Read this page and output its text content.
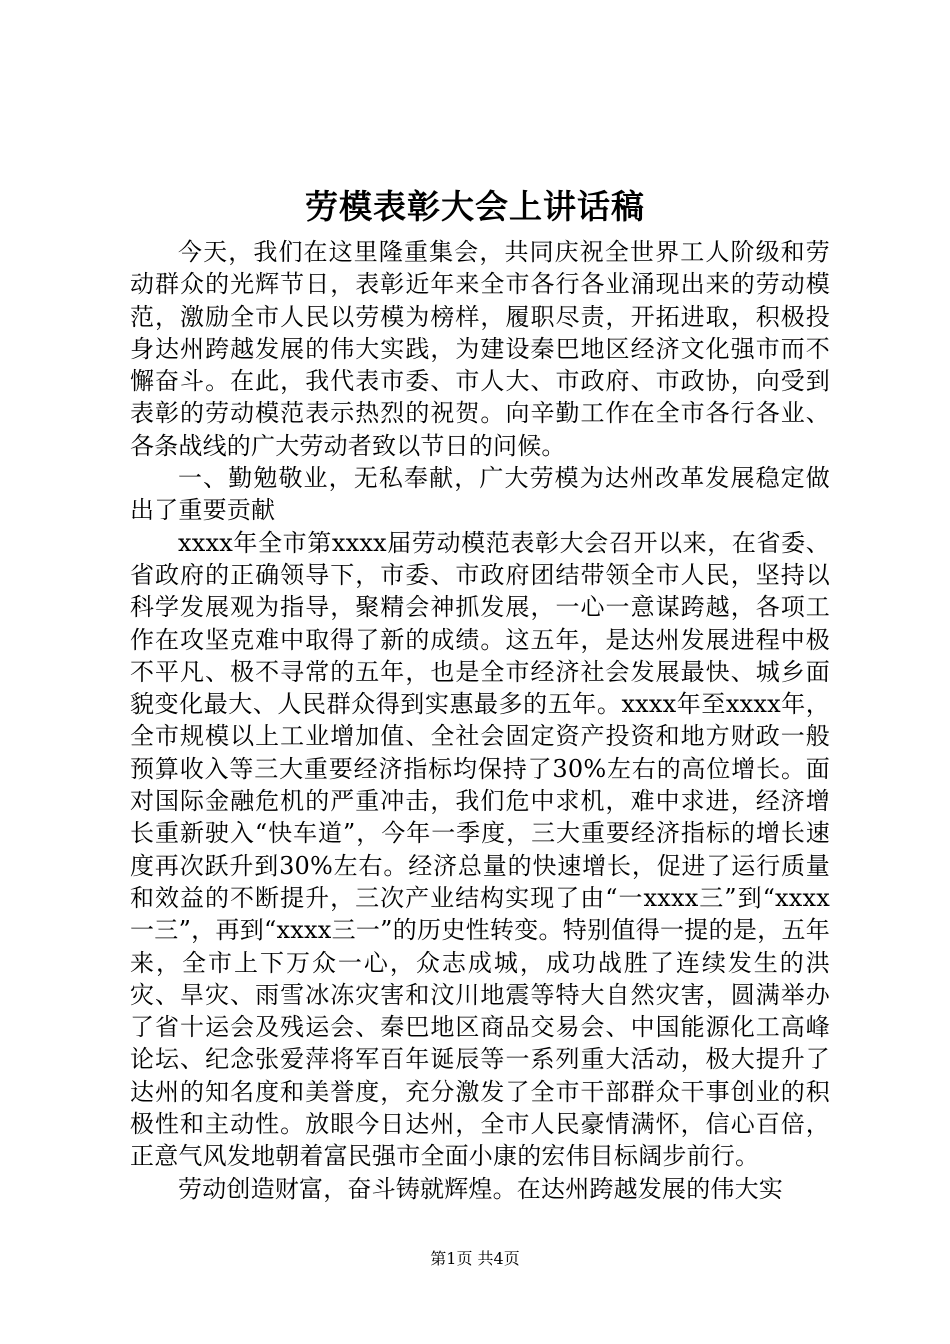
劳模表彰大会上讲话稿

今天，我们在这里隆重集会，共同庆祝全世界工人阶级和劳动群众的光辉节日，表彰近年来全市各行各业涌现出来的劳动模范，激励全市人民以劳模为榜样，履职尽责，开拓进取，积极投身达州跨越发展的伟大实践，为建设秦巴地区经济文化强市而不懈奋斗。在此，我代表市委、市人大、市政府、市政协，向受到表彰的劳动模范表示热烈的祝贺。向辛勤工作在全市各行各业、各条战线的广大劳动者致以节日的问候。

一、勤勉敬业，无私奉献，广大劳模为达州改革发展稳定做出了重要贡献

xxxx年全市第xxxx届劳动模范表彰大会召开以来，在省委、省政府的正确领导下，市委、市政府团结带领全市人民，坚持以科学发展观为指导，聚精会神抓发展，一心一意谋跨越，各项工作在攻坚克难中取得了新的成绩。这五年，是达州发展进程中极不平凡、极不寻常的五年，也是全市经济社会发展最快、城乡面貌变化最大、人民群众得到实惠最多的五年。xxxx年至xxxx年，全市规模以上工业增加值、全社会固定资产投资和地方财政一般预算收入等三大重要经济指标均保持了30%左右的高位增长。面对国际金融危机的严重冲击，我们危中求机，难中求进，经济增长重新驶入“快车道”，今年一季度，三大重要经济指标的增长速度再次跃升到30%左右。经济总量的快速增长，促进了运行质量和效益的不断提升，三次产业结构实现了由“一xxxx三”到“xxxx一三”，再到“xxxx三一”的历史性转变。特别值得一提的是，五年来，全市上下万众一心，众志成城，成功战胜了连续发生的洪灾、旱灾、雨雪冰冻灾害和汶川地震等特大自然灾害，圆满举办了省十运会及残运会、秦巴地区商品交易会、中国能源化工高峰论坛、纪念张爱萍将军百年诞辰等一系列重大活动，极大提升了达州的知名度和美誉度，充分激发了全市干部群众干事创业的积极性和主动性。放眼今日达州，全市人民豪情满怀，信心百倍，正意气风发地朝着富民强市全面小康的宏伟目标阔步前行。

劳动创造财富，奋斗铸就辉煌。在达州跨越发展的伟大实

第1页 共4页
